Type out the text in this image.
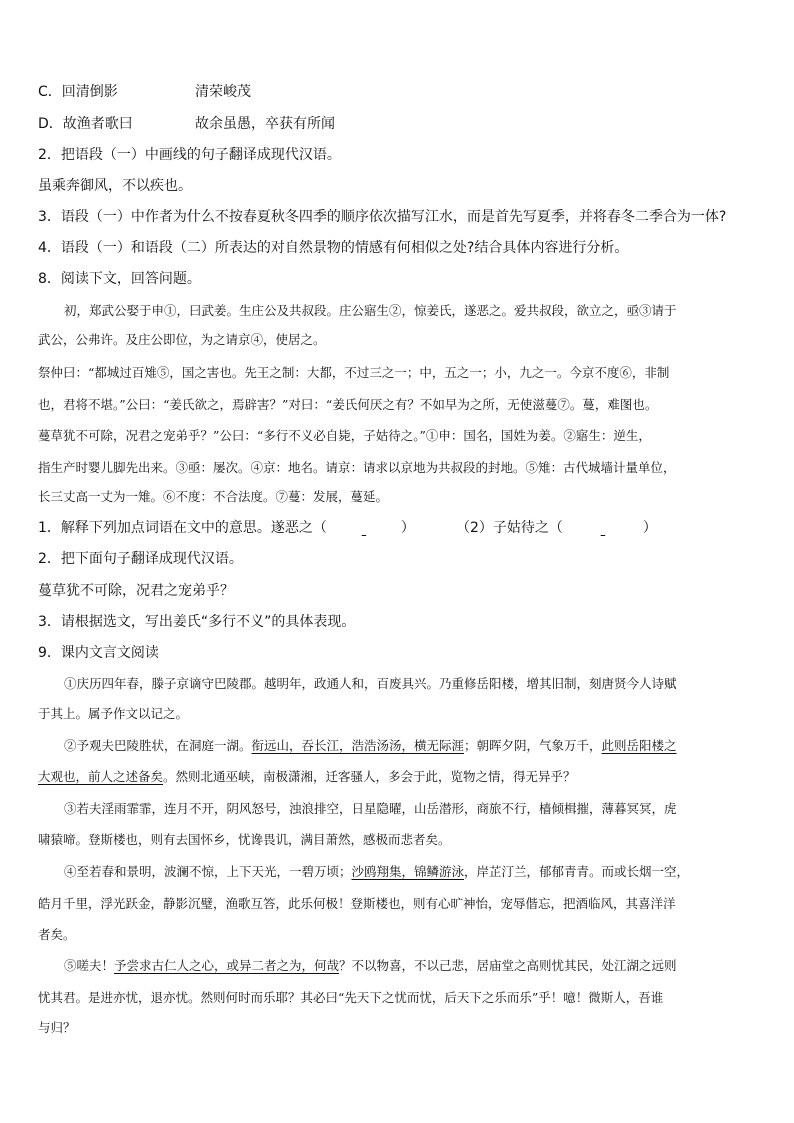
C．回清倒影	清荣峻茂
D．故渔者歌曰	故余虽愚，卒获有所闻
2．把语段（一）中画线的句子翻译成现代汉语。
虽乘奔御风，不以疾也。
3．语段（一）中作者为什么不按春夏秋冬四季的顺序依次描写江水，而是首先写夏季，并将春冬二季合为一体?
4．语段（一）和语段（二）所表达的对自然景物的情感有何相似之处?结合具体内容进行分析。
8．阅读下文，回答问题。
初，郑武公娶于申①，曰武姜。生庄公及共叔段。庄公寤生②，惊姜氏，遂恶之。爱共叔段，欲立之，亟③请于
武公，公弗许。及庄公即位，为之请京④，使居之。
祭仲曰：“都城过百雉⑤，国之害也。先王之制：大都，不过三之一；中，五之一；小，九之一。今京不度⑥，非制
也，君将不堪。”公曰：“姜氏欲之，焉辟害？”对曰：“姜氏何厌之有？不如早为之所，无使滋蔓⑦。蔓，难图也。
蔓草犹不可除，况君之宠弟乎？”公曰：“多行不义必自毙，子姑待之。”①申：国名，国姓为姜。②寤生：逆生，
指生产时婴儿脚先出来。③亟：屡次。④京：地名。请京：请求以京地为共叔段的封地。⑤雉：古代城墙计量单位，
长三丈高一丈为一雉。⑥不度：不合法度。⑦蔓：发展，蔓延。
1．解释下列加点词语在文中的意思。遂恶之（	）	（2）子姑待之（	）
2．把下面句子翻译成现代汉语。
蔓草犹不可除，况君之宠弟乎？
3．请根据选文，写出姜氏“多行不义”的具体表现。
9．课内文言文阅读
①庆历四年春，滕子京谪守巴陵郡。越明年，政通人和，百废具兴。乃重修岳阳楼，增其旧制，刻唐贤今人诗赋
于其上。属予作文以记之。
②予观夫巴陵胜状，在洞庭一湖。衔远山，吞长江，浩浩汤汤，横无际涯；朝晖夕阴，气象万千，此则岳阳楼之
大观也，前人之述备矣。然则北通巫峡，南极潇湘，迁客骚人，多会于此，览物之情，得无异乎？
③若夫淫雨霏霏，连月不开，阴风怒号，浊浪排空，日星隐曜，山岳潜形，商旅不行，樯倾楫摧，薄暮冥冥，虎
啸猿啼。登斯楼也，则有去国怀乡，忧谗畏讥，满目萧然，感极而悲者矣。
④至若春和景明，波澜不惊，上下天光，一碧万顷；沙鸥翔集，锦鳞游泳，岸芷汀兰，郁郁青青。而或长烟一空，
皓月千里，浮光跃金，静影沉璧，渔歌互答，此乐何极！登斯楼也，则有心旷神怡，宠辱偕忘，把酒临风，其喜洋洋
者矣。
⑤嗟夫！予尝求古仁人之心，或异二者之为，何哉？不以物喜，不以己悲，居庙堂之高则忧其民，处江湖之远则
忧其君。是进亦忧，退亦忧。然则何时而乐耶？其必曰“先天下之忧而忧，后天下之乐而乐”乎！噫！微斯人，吾谁
与归？
